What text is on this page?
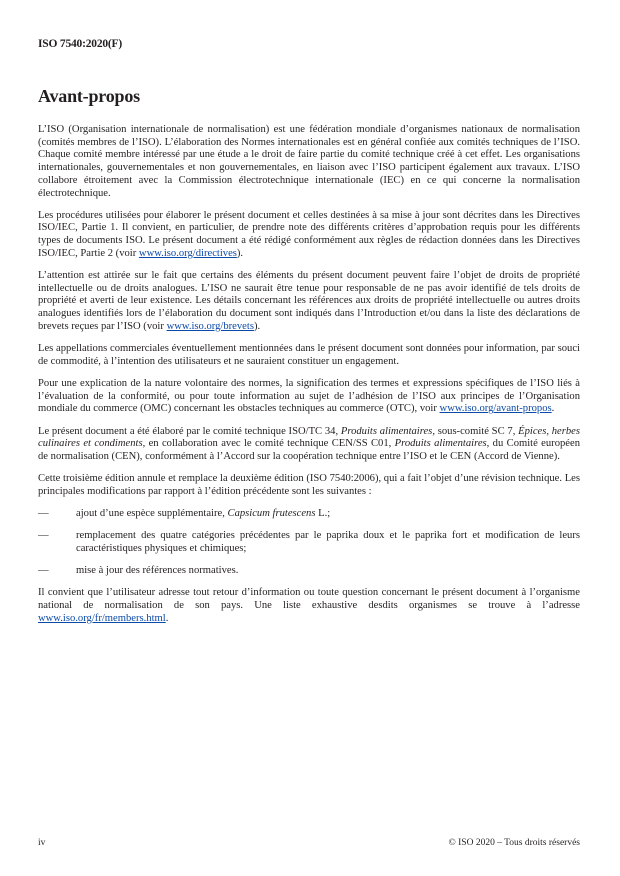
ISO 7540:2020(F)
Avant-propos

L’ISO (Organisation internationale de normalisation) est une fédération mondiale d’organismes nationaux de normalisation (comités membres de l’ISO). L’élaboration des Normes internationales est en général confiée aux comités techniques de l’ISO. Chaque comité membre intéressé par une étude a le droit de faire partie du comité technique créé à cet effet. Les organisations internationales, gouvernementales et non gouvernementales, en liaison avec l’ISO participent également aux travaux. L’ISO collabore étroitement avec la Commission électrotechnique internationale (IEC) en ce qui concerne la normalisation électrotechnique.

Les procédures utilisées pour élaborer le présent document et celles destinées à sa mise à jour sont décrites dans les Directives ISO/IEC, Partie 1. Il convient, en particulier, de prendre note des différents critères d’approbation requis pour les différents types de documents ISO. Le présent document a été rédigé conformément aux règles de rédaction données dans les Directives ISO/IEC, Partie 2 (voir www.iso.org/directives).

L’attention est attirée sur le fait que certains des éléments du présent document peuvent faire l’objet de droits de propriété intellectuelle ou de droits analogues. L’ISO ne saurait être tenue pour responsable de ne pas avoir identifié de tels droits de propriété et averti de leur existence. Les détails concernant les références aux droits de propriété intellectuelle ou autres droits analogues identifiés lors de l’élaboration du document sont indiqués dans l’Introduction et/ou dans la liste des déclarations de brevets reçues par l’ISO (voir www.iso.org/brevets).

Les appellations commerciales éventuellement mentionnées dans le présent document sont données pour information, par souci de commodité, à l’intention des utilisateurs et ne sauraient constituer un engagement.

Pour une explication de la nature volontaire des normes, la signification des termes et expressions spécifiques de l’ISO liés à l’évaluation de la conformité, ou pour toute information au sujet de l’adhésion de l’ISO aux principes de l’Organisation mondiale du commerce (OMC) concernant les obstacles techniques au commerce (OTC), voir www.iso.org/avant-propos.

Le présent document a été élaboré par le comité technique ISO/TC 34, Produits alimentaires, sous-comité SC 7, Épices, herbes culinaires et condiments, en collaboration avec le comité technique CEN/SS C01, Produits alimentaires, du Comité européen de normalisation (CEN), conformément à l’Accord sur la coopération technique entre l’ISO et le CEN (Accord de Vienne).

Cette troisième édition annule et remplace la deuxième édition (ISO 7540:2006), qui a fait l’objet d’une révision technique. Les principales modifications par rapport à l’édition précédente sont les suivantes :

—	ajout d’une espèce supplémentaire, Capsicum frutescens L.;
—	remplacement des quatre catégories précédentes par le paprika doux et le paprika fort et modification de leurs caractéristiques physiques et chimiques;
—	mise à jour des références normatives.

Il convient que l’utilisateur adresse tout retour d’information ou toute question concernant le présent document à l’organisme national de normalisation de son pays. Une liste exhaustive desdits organismes se trouve à l’adresse www.iso.org/fr/members.html.

iv	© ISO 2020 – Tous droits réservés
